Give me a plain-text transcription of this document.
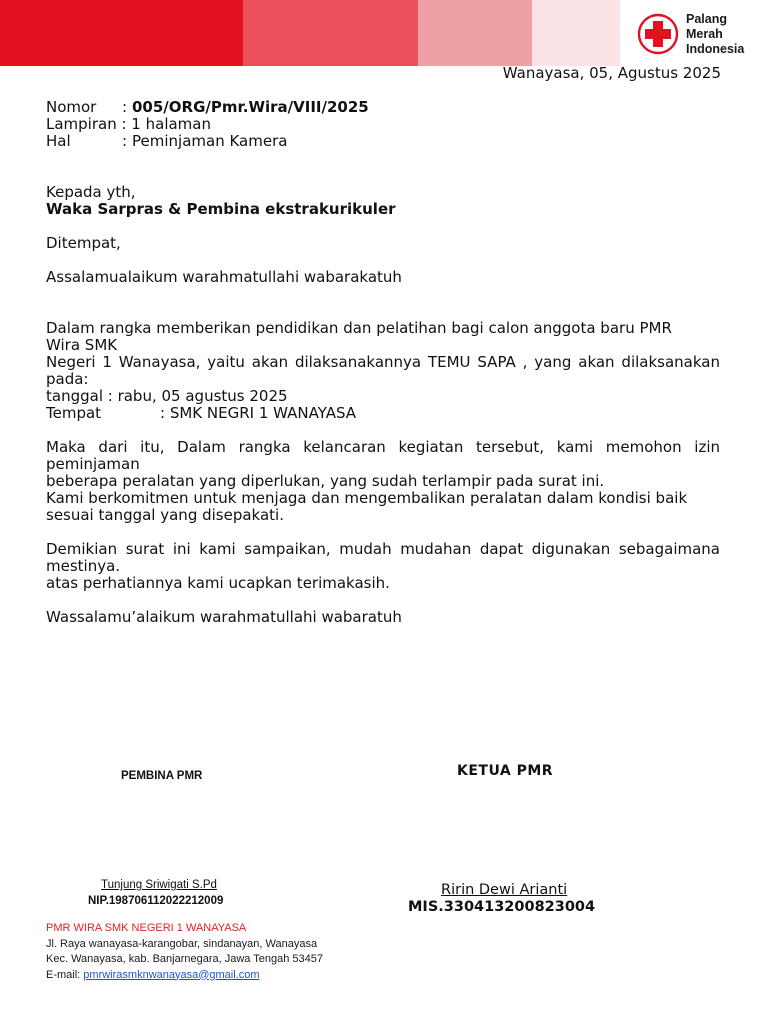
Palang
Merah
Indonesia
Wanayasa, 05, Agustus 2025
Nomor	: 005/ORG/Pmr.Wira/VIII/2025
Lampiran : 1 halaman
Hal	: Peminjaman Kamera
Kepada yth,
Waka Sarpras & Pembina ekstrakurikuler
Ditempat,
Assalamualaikum warahmatullahi wabarakatuh
Dalam rangka memberikan pendidikan dan pelatihan bagi calon anggota baru PMR
Wira SMK
Negeri 1 Wanayasa, yaitu akan dilaksanakannya TEMU SAPA , yang akan dilaksanakan
pada:
tanggal : rabu, 05 agustus 2025
Tempat	: SMK NEGRI 1 WANAYASA
Maka dari itu, Dalam rangka kelancaran kegiatan tersebut, kami memohon izin
peminjaman
beberapa peralatan yang diperlukan, yang sudah terlampir pada surat ini.
Kami berkomitmen untuk menjaga dan mengembalikan peralatan dalam kondisi baik
sesuai tanggal yang disepakati.
Demikian surat ini kami sampaikan, mudah mudahan dapat digunakan sebagaimana
mestinya.
atas perhatiannya kami ucapkan terimakasih.
Wassalamu’alaikum warahmatullahi wabaratuh
PEMBINA PMR
Tunjung Sriwigati S.Pd
NIP.198706112022212009
KETUA PMR
Ririn Dewi Arianti
MIS.330413200823004
PMR WIRA SMK NEGERI 1 WANAYASA
Jl. Raya wanayasa-karangobar, sindanayan, Wanayasa
Kec. Wanayasa, kab. Banjarnegara, Jawa Tengah 53457
E-mail: pmrwirasmknwanayasa@gmail.com
